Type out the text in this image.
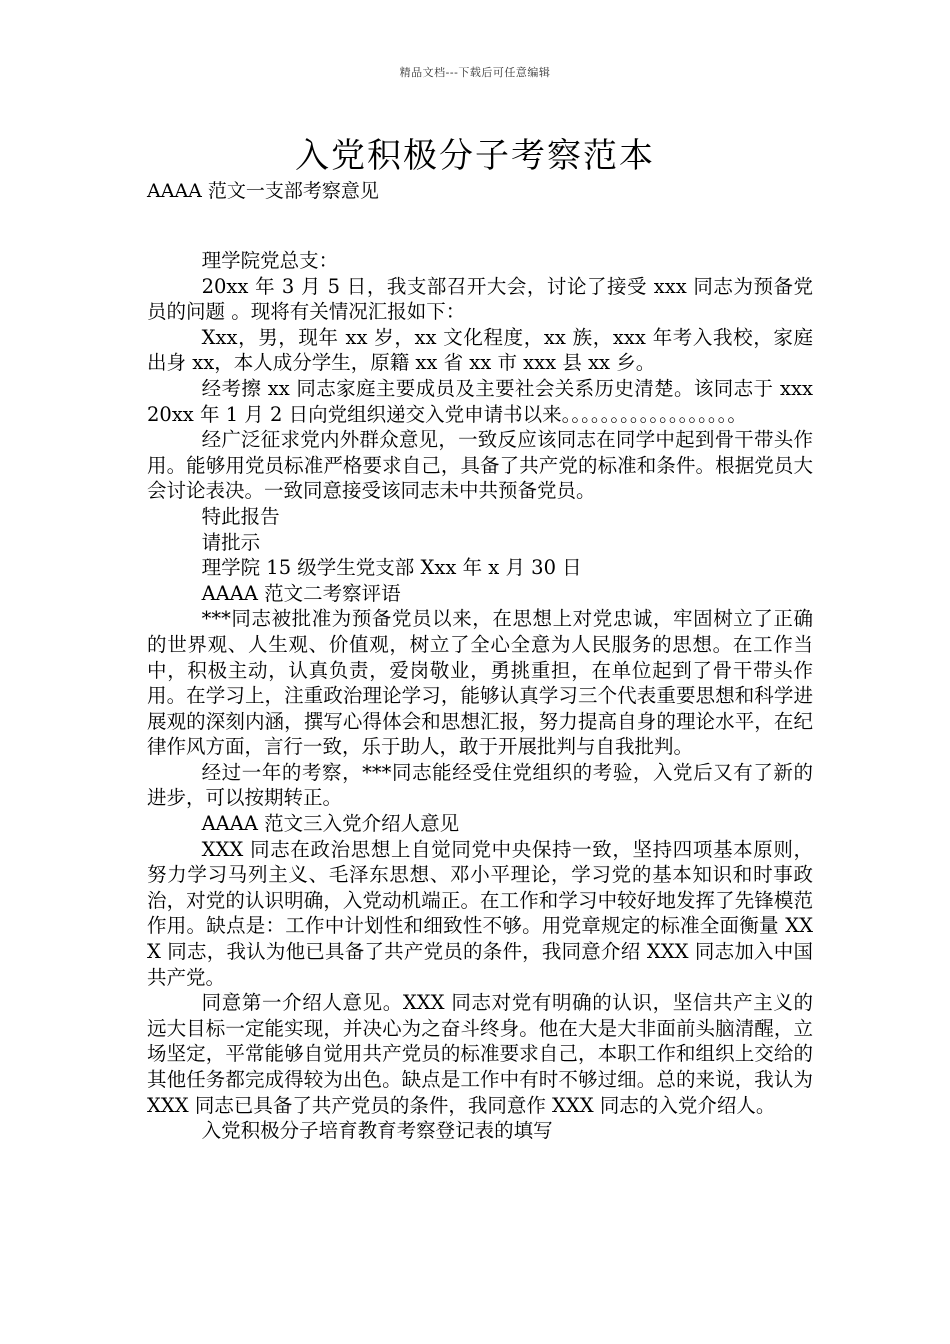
精品文档---下载后可任意编辑
入党积极分子考察范本
AAAA 范文一支部考察意见

理学院党总支：

20xx 年 3 月 5 日，我支部召开大会，讨论了接受 xxx 同志为预备党员的问题 。现将有关情况汇报如下：

Xxx，男，现年 xx 岁，xx 文化程度，xx 族，xxx 年考入我校，家庭出身 xx，本人成分学生，原籍 xx 省 xx 市 xxx 县 xx 乡。

经考擦 xx 同志家庭主要成员及主要社会关系历史清楚。该同志于 xxx20xx 年 1 月 2 日向党组织递交入党申请书以来。。。。。。。。。。。。。。。。。。

经广泛征求党内外群众意见，一致反应该同志在同学中起到骨干带头作用。能够用党员标准严格要求自己，具备了共产党的标准和条件。根据党员大会讨论表决。一致同意接受该同志未中共预备党员。

特此报告

请批示

理学院 15 级学生党支部 Xxx 年 x 月 30 日

AAAA 范文二考察评语

***同志被批准为预备党员以来，在思想上对党忠诚，牢固树立了正确的世界观、人生观、价值观，树立了全心全意为人民服务的思想。在工作当中，积极主动，认真负责，爱岗敬业，勇挑重担，在单位起到了骨干带头作用。在学习上，注重政治理论学习，能够认真学习三个代表重要思想和科学进展观的深刻内涵，撰写心得体会和思想汇报，努力提高自身的理论水平，在纪律作风方面，言行一致，乐于助人，敢于开展批判与自我批判。

经过一年的考察，***同志能经受住党组织的考验，入党后又有了新的进步，可以按期转正。

AAAA 范文三入党介绍人意见

XXX 同志在政治思想上自觉同党中央保持一致，坚持四项基本原则，努力学习马列主义、毛泽东思想、邓小平理论，学习党的基本知识和时事政治，对党的认识明确，入党动机端正。在工作和学习中较好地发挥了先锋模范作用。缺点是：工作中计划性和细致性不够。用党章规定的标准全面衡量 XXX 同志，我认为他已具备了共产党员的条件，我同意介绍 XXX 同志加入中国共产党。

同意第一介绍人意见。XXX 同志对党有明确的认识，坚信共产主义的远大目标一定能实现，并决心为之奋斗终身。他在大是大非面前头脑清醒，立场坚定，平常能够自觉用共产党员的标准要求自己，本职工作和组织上交给的其他任务都完成得较为出色。缺点是工作中有时不够过细。总的来说，我认为 XXX 同志已具备了共产党员的条件，我同意作 XXX 同志的入党介绍人。

入党积极分子培育教育考察登记表的填写
